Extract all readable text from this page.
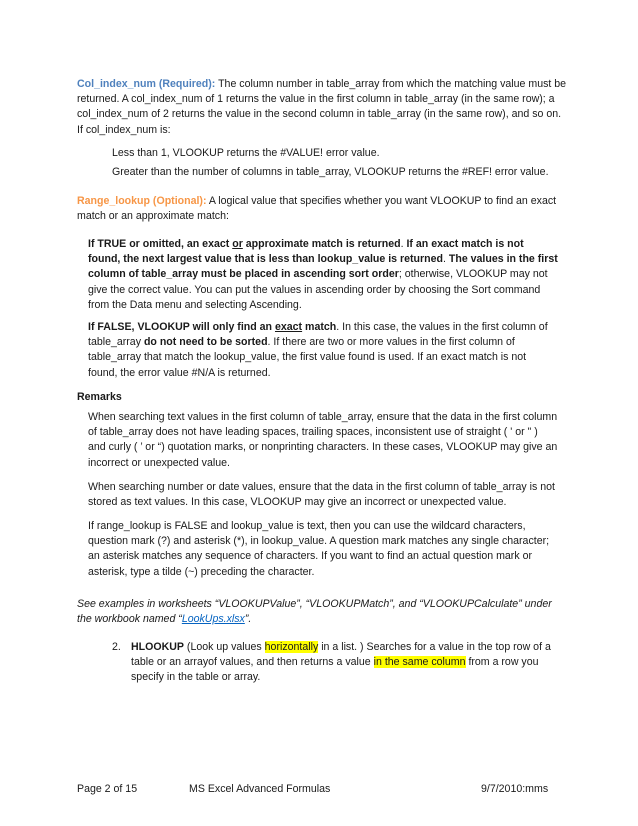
Col_index_num (Required): The column number in table_array from which the matching value must be returned. A col_index_num of 1 returns the value in the first column in table_array (in the same row); a col_index_num of 2 returns the value in the second column in table_array (in the same row), and so on. If col_index_num is:
Less than 1, VLOOKUP returns the #VALUE! error value.
Greater than the number of columns in table_array, VLOOKUP returns the #REF! error value.
Range_lookup (Optional): A logical value that specifies whether you want VLOOKUP to find an exact match or an approximate match:
If TRUE or omitted, an exact or approximate match is returned. If an exact match is not found, the next largest value that is less than lookup_value is returned. The values in the first column of table_array must be placed in ascending sort order; otherwise, VLOOKUP may not give the correct value. You can put the values in ascending order by choosing the Sort command from the Data menu and selecting Ascending.
If FALSE, VLOOKUP will only find an exact match. In this case, the values in the first column of table_array do not need to be sorted. If there are two or more values in the first column of table_array that match the lookup_value, the first value found is used. If an exact match is not found, the error value #N/A is returned.
Remarks
When searching text values in the first column of table_array, ensure that the data in the first column of table_array does not have leading spaces, trailing spaces, inconsistent use of straight ( ' or " ) and curly ( ’ or “) quotation marks, or nonprinting characters. In these cases, VLOOKUP may give an incorrect or unexpected value.
When searching number or date values, ensure that the data in the first column of table_array is not stored as text values. In this case, VLOOKUP may give an incorrect or unexpected value.
If range_lookup is FALSE and lookup_value is text, then you can use the wildcard characters, question mark (?) and asterisk (*), in lookup_value. A question mark matches any single character; an asterisk matches any sequence of characters. If you want to find an actual question mark or asterisk, type a tilde (~) preceding the character.
See examples in worksheets “VLOOKUPValue”, “VLOOKUPMatch”, and “VLOOKUPCalculate” under the workbook named “LookUps.xlsx”.
2. HLOOKUP (Look up values horizontally in a list. ) Searches for a value in the top row of a table or an arrayof values, and then returns a value in the same column from a row you specify in the table or array.
Page 2 of 15	MS Excel Advanced Formulas	9/7/2010:mms
